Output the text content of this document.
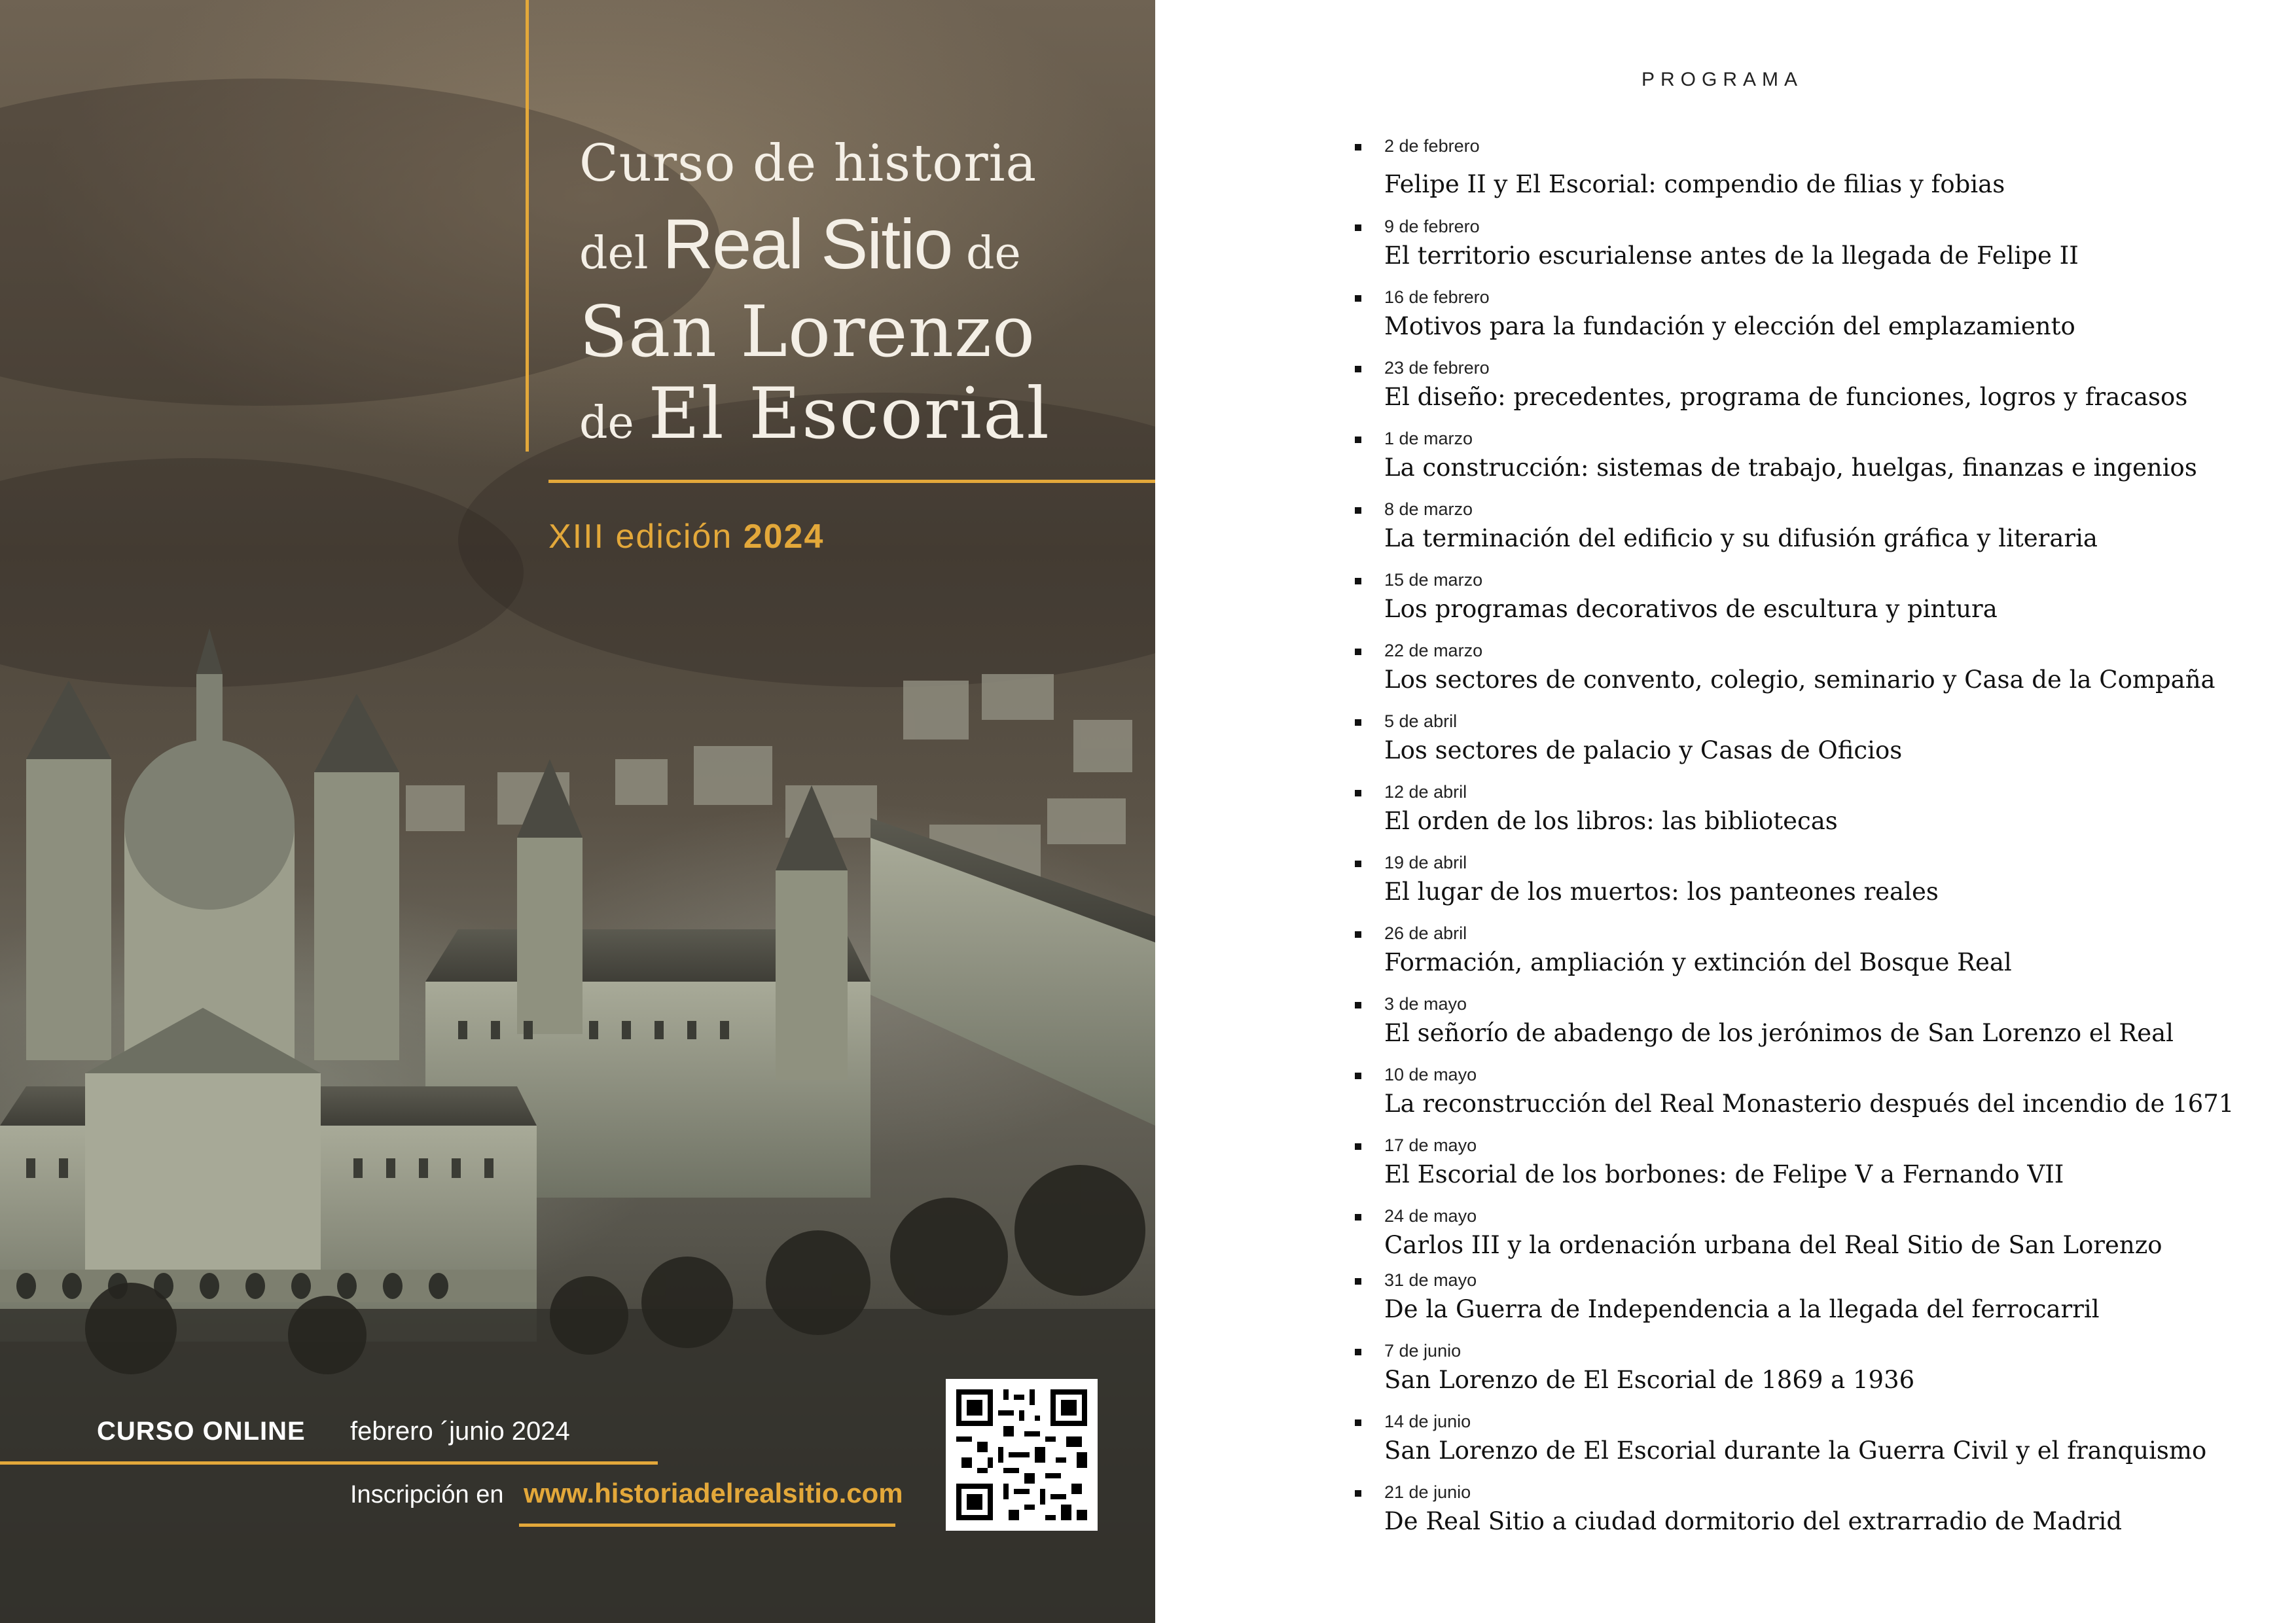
Curso de historia
del Real Sitio de
San Lorenzo
de El Escorial
XIII edición 2024
CURSO ONLINE febrero ´junio 2024
Inscripción en www.historiadelrealsitio.com
PROGRAMA
2 de febrero
Felipe II y El Escorial: compendio de filias y fobias
9 de febrero
El territorio escurialense antes de la llegada de Felipe II
16 de febrero
Motivos para la fundación y elección del emplazamiento
23 de febrero
El diseño: precedentes, programa de funciones, logros y fracasos
1 de marzo
La construcción: sistemas de trabajo, huelgas, finanzas e ingenios
8 de marzo
La terminación del edificio y su difusión gráfica y literaria
15 de marzo
Los programas decorativos de escultura y pintura
22 de marzo
Los sectores de convento, colegio, seminario y Casa de la Compaña
5 de abril
Los sectores de palacio y Casas de Oficios
12 de abril
El orden de los libros: las bibliotecas
19 de abril
El lugar de los muertos: los panteones reales
26 de abril
Formación, ampliación y extinción del Bosque Real
3 de mayo
El señorío de abadengo de los jerónimos de San Lorenzo el Real
10 de mayo
La reconstrucción del Real Monasterio después del incendio de 1671
17 de mayo
El Escorial de los borbones: de Felipe V a Fernando VII
24 de mayo
Carlos III y la ordenación urbana del Real Sitio de San Lorenzo
31 de mayo
De la Guerra de Independencia a la llegada del ferrocarril
7 de junio
San Lorenzo de El Escorial de 1869 a 1936
14 de junio
San Lorenzo de El Escorial durante la Guerra Civil y el franquismo
21 de junio
De Real Sitio a ciudad dormitorio del extrarradio de Madrid
